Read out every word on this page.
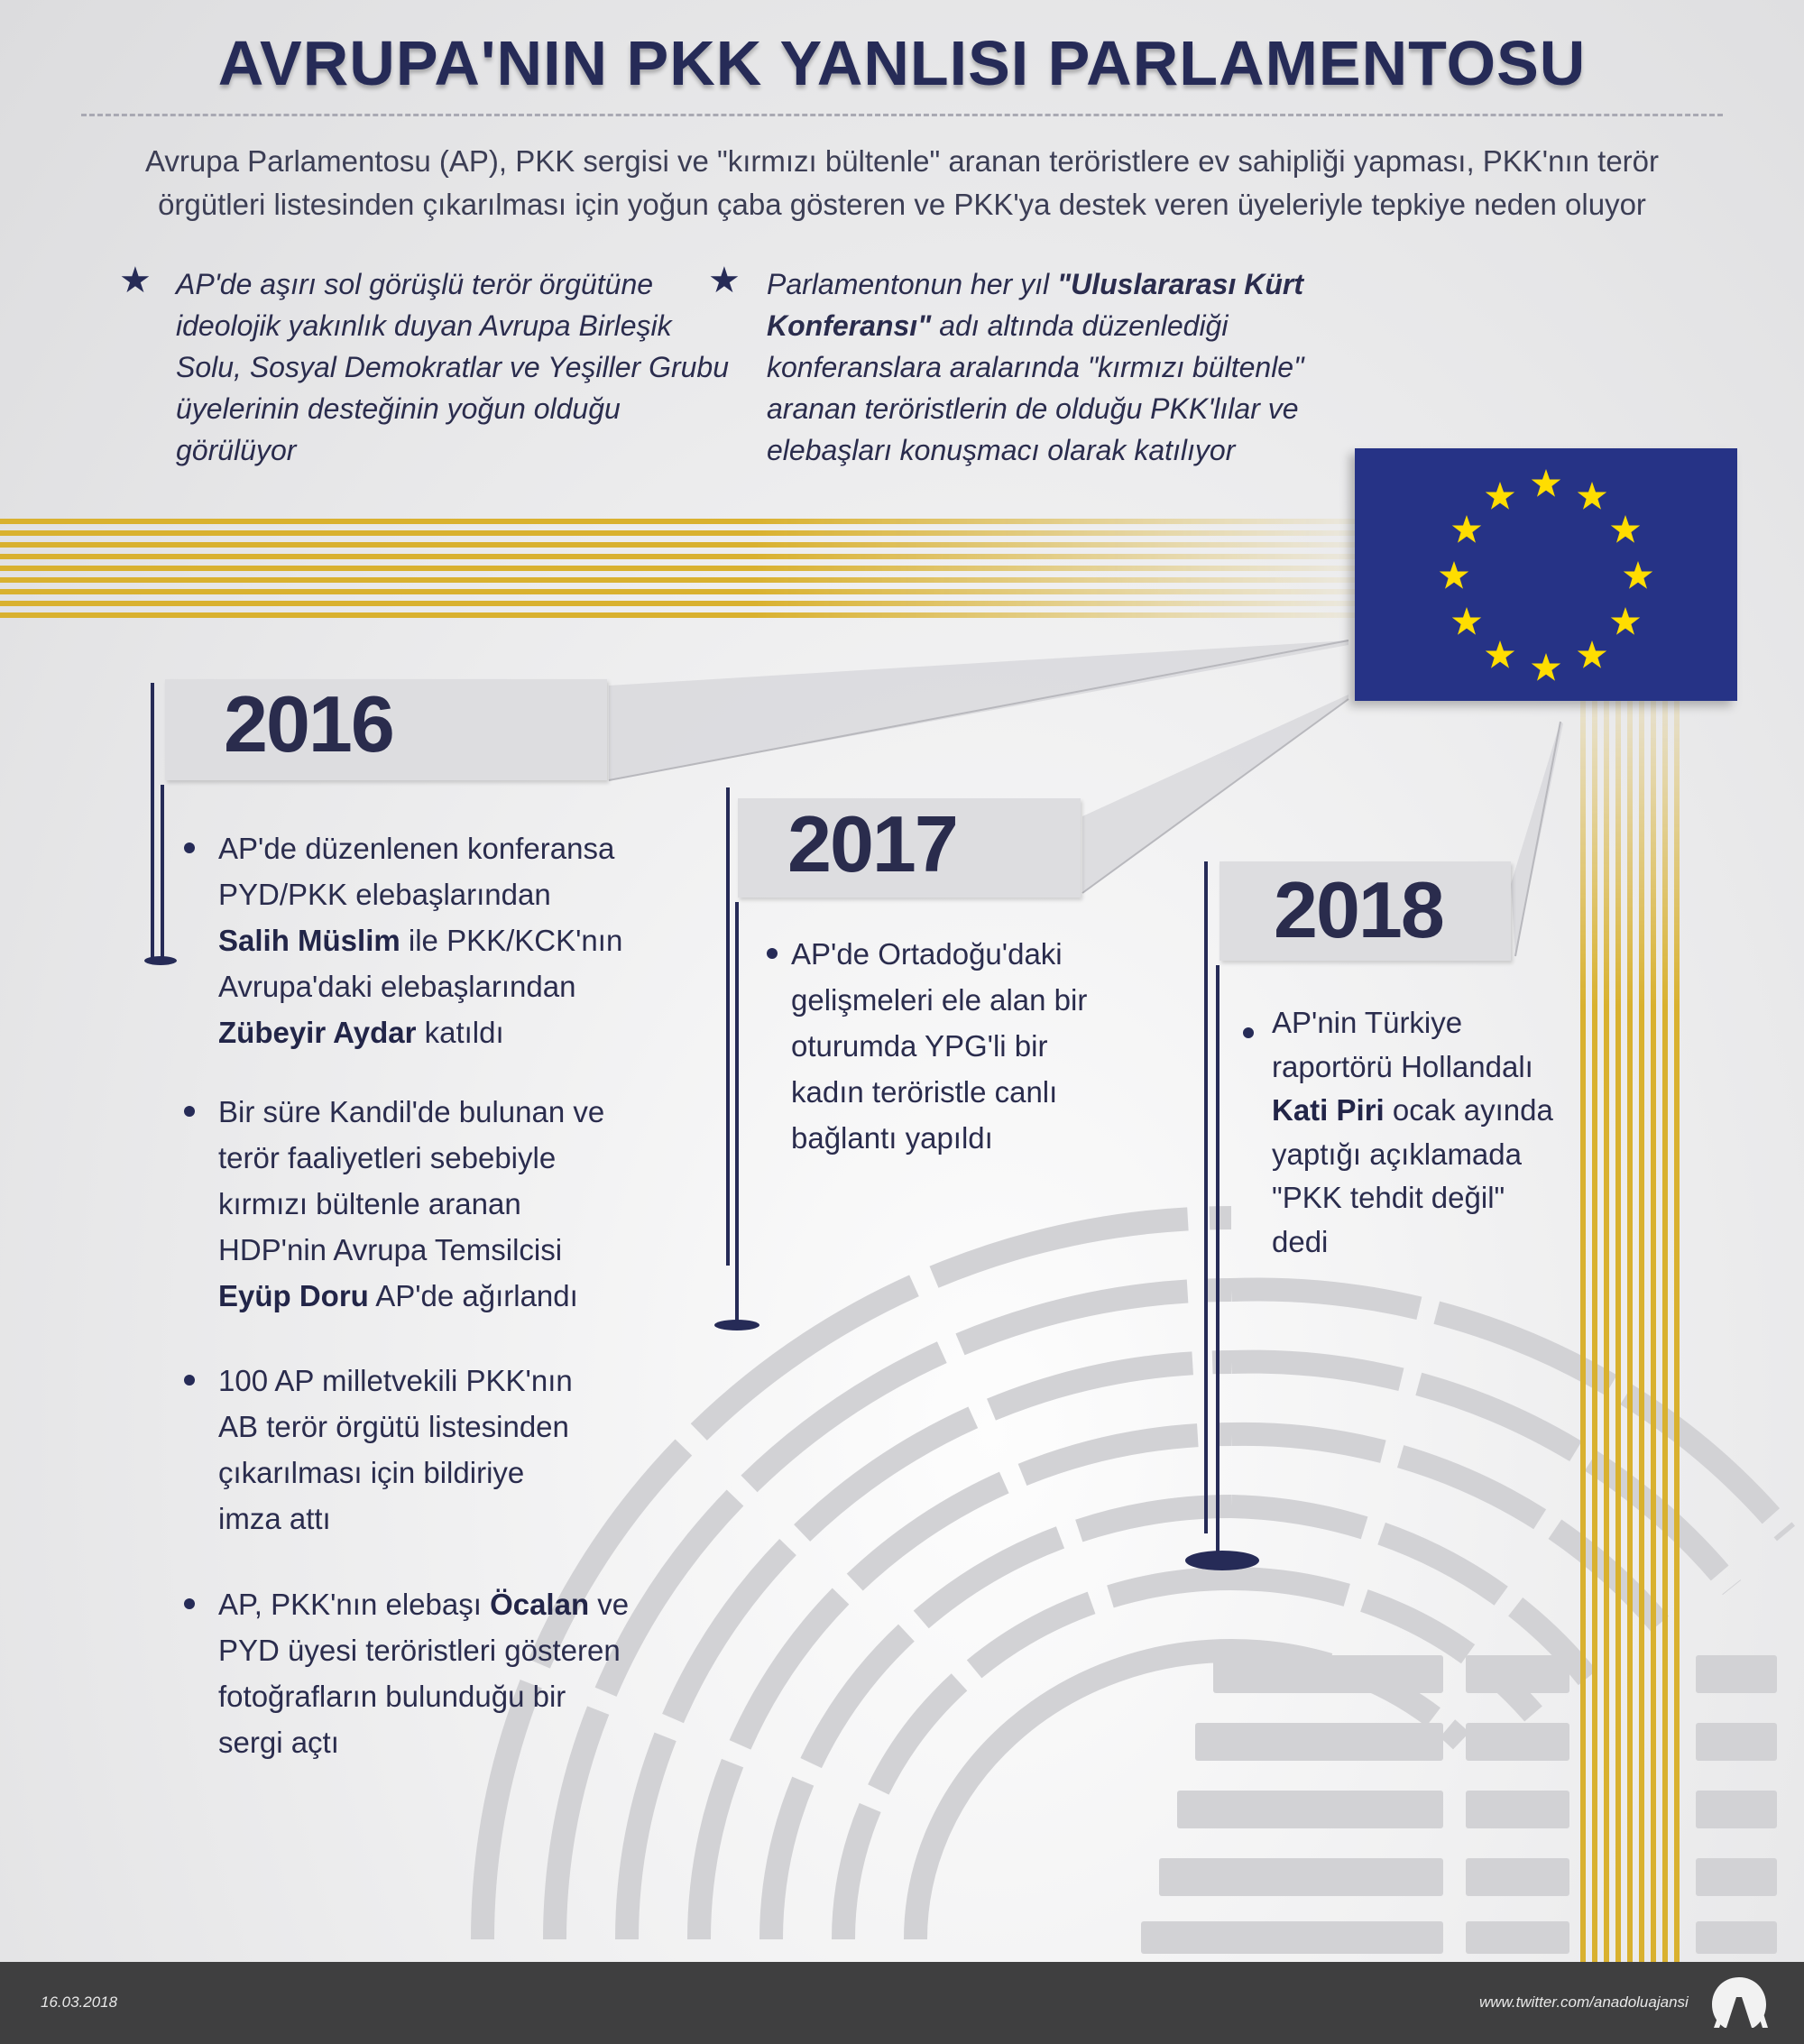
AVRUPA'NIN PKK YANLISI PARLAMENTOSU
Avrupa Parlamentosu (AP), PKK sergisi ve "kırmızı bültenle" aranan teröristlere ev sahipliği yapması, PKK'nın terör örgütleri listesinden çıkarılması için yoğun çaba gösteren ve PKK'ya destek veren üyeleriyle tepkiye neden oluyor
★ AP'de aşırı sol görüşlü terör örgütüne
ideolojik yakınlık duyan Avrupa Birleşik
Solu, Sosyal Demokratlar ve Yeşiller Grubu
üyelerinin desteğinin yoğun olduğu
görülüyor
★ Parlamentonun her yıl "Uluslararası Kürt
Konferansı" adı altında düzenlediği
konferanslara aralarında "kırmızı bültenle"
aranan teröristlerin de olduğu PKK'lılar ve
elebaşları konuşmacı olarak katılıyor
2016
AP'de düzenlenen konferansa
PYD/PKK elebaşlarından
Salih Müslim ile PKK/KCK'nın
Avrupa'daki elebaşlarından
Zübeyir Aydar katıldı
Bir süre Kandil'de bulunan ve
terör faaliyetleri sebebiyle
kırmızı bültenle aranan
HDP'nin Avrupa Temsilcisi
Eyüp Doru AP'de ağırlandı
100 AP milletvekili PKK'nın
AB terör örgütü listesinden
çıkarılması için bildiriye
imza attı
AP, PKK'nın elebaşı Öcalan ve
PYD üyesi teröristleri gösteren
fotoğrafların bulunduğu bir
sergi açtı
2017
AP'de Ortadoğu'daki
gelişmeleri ele alan bir
oturumda YPG'li bir
kadın teröristle canlı
bağlantı yapıldı
2018
AP'nin Türkiye
raportörü Hollandalı
Kati Piri ocak ayında
yaptığı açıklamada
"PKK tehdit değil"
dedi
16.03.2018	www.twitter.com/anadoluajansi
